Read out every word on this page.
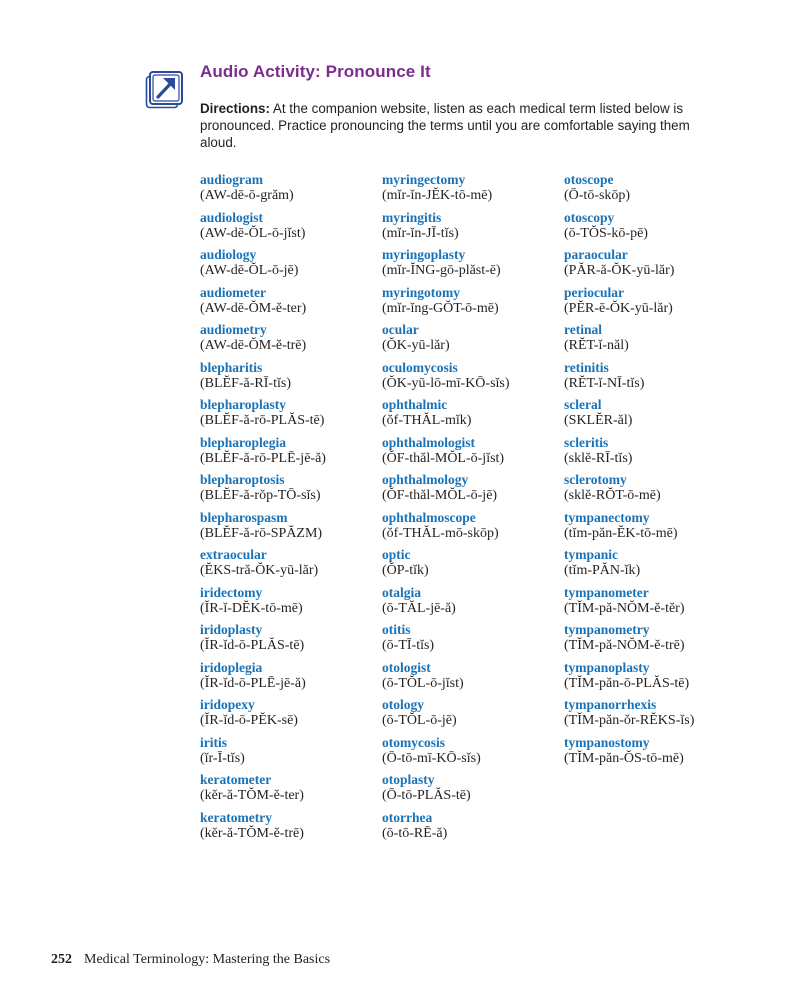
Audio Activity: Pronounce It

Directions: At the companion website, listen as each medical term listed below is pronounced. Practice pronouncing the terms until you are comfortable saying them aloud.

audiogram
(AW-dē-ō-grăm)
audiologist
(AW-dē-ŎL-ō-jĭst)
audiology
(AW-dē-ŎL-ō-jē)
audiometer
(AW-dē-ŎM-ĕ-ter)
audiometry
(AW-dē-ŎM-ĕ-trē)
blepharitis
(BLĔF-ă-RĪ-tĭs)
blepharoplasty
(BLĔF-ă-rō-PLĂS-tē)
blepharoplegia
(BLĔF-ă-rō-PLĒ-jē-ă)
blepharoptosis
(BLĔF-ă-rŏp-TŌ-sĭs)
blepharospasm
(BLĔF-ă-rō-SPĂZM)
extraocular
(ĔKS-tră-ŎK-yū-lăr)
iridectomy
(ĬR-ĭ-DĔK-tō-mē)
iridoplasty
(ĬR-ĭd-ō-PLĂS-tē)
iridoplegia
(ĬR-ĭd-ō-PLĒ-jē-ă)
iridopexy
(ĬR-ĭd-ō-PĔK-sē)
iritis
(ĭr-Ī-tĭs)
keratometer
(kĕr-ă-TŎM-ĕ-ter)
keratometry
(kĕr-ă-TŎM-ĕ-trē)
myringectomy
(mĭr-ĭn-JĔK-tō-mē)
myringitis
(mĭr-ĭn-JĪ-tĭs)
myringoplasty
(mĭr-ĬNG-gō-plăst-ē)
myringotomy
(mĭr-ĭng-GŎT-ō-mē)
ocular
(ŎK-yū-lăr)
oculomycosis
(ŎK-yū-lō-mī-KŌ-sĭs)
ophthalmic
(ŏf-THĂL-mĭk)
ophthalmologist
(ŎF-thăl-MŎL-ō-jĭst)
ophthalmology
(ŎF-thăl-MŎL-ō-jē)
ophthalmoscope
(ŏf-THĂL-mō-skōp)
optic
(ŎP-tĭk)
otalgia
(ō-TĂL-jē-ă)
otitis
(ō-TĪ-tĭs)
otologist
(ō-TŎL-ō-jĭst)
otology
(ō-TŎL-ō-jē)
otomycosis
(Ō-tō-mī-KŌ-sĭs)
otoplasty
(Ō-tō-PLĂS-tē)
otorrhea
(ō-tō-RĒ-ă)
otoscope
(Ō-tō-skōp)
otoscopy
(ō-TŎS-kō-pē)
paraocular
(PĂR-ă-ŎK-yū-lăr)
periocular
(PĔR-ē-ŎK-yū-lăr)
retinal
(RĔT-ĭ-năl)
retinitis
(RĔT-ĭ-NĪ-tĭs)
scleral
(SKLĔR-ăl)
scleritis
(sklĕ-RĪ-tĭs)
sclerotomy
(sklĕ-RŎT-ō-mē)
tympanectomy
(tĭm-păn-ĔK-tō-mē)
tympanic
(tĭm-PĂN-ĭk)
tympanometer
(TĬM-pă-NŎM-ĕ-tĕr)
tympanometry
(TĬM-pă-NŎM-ĕ-trē)
tympanoplasty
(TĬM-păn-ō-PLĂS-tē)
tympanorrhexis
(TĬM-păn-ŏr-RĔKS-ĭs)
tympanostomy
(TĬM-păn-ŎS-tō-mē)
252 Medical Terminology: Mastering the Basics
